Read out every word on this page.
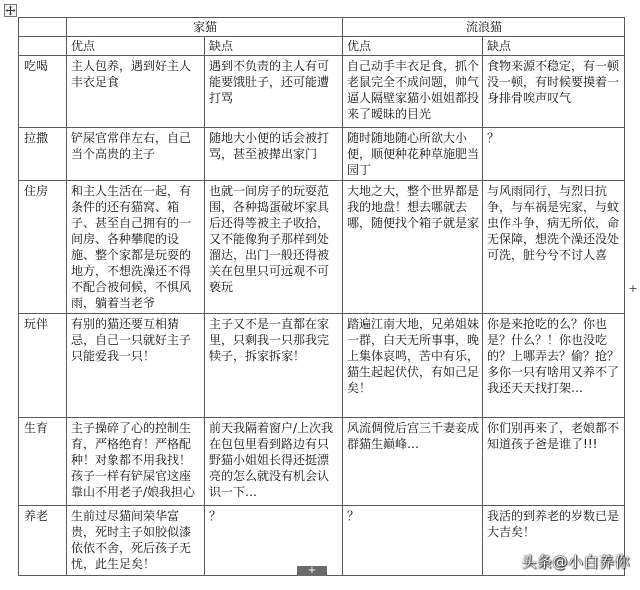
	家猫		流浪猫	
	优点	缺点	优点	缺点
吃喝	主人包养，遇到好主人丰衣足食	遇到不负责的主人有可能要饿肚子，还可能遭打骂	自己动手丰衣足食，抓个老鼠完全不成问题，帅气逼人隔壁家猫小姐姐都投来了暧昧的目光	食物来源不稳定，有一顿没一顿，有时候要摸着一身排骨唉声叹气
拉撒	铲屎官常伴左右，自己当个高贵的主子	随地大小便的话会被打骂，甚至被撵出家门	随时随地随心所欲大小便，顺便种花种草施肥当园丁	？
住房	和主人生活在一起，有条件的还有猫窝、箱子、甚至自己拥有的一间房、各种攀爬的设施、整个家都是玩耍的地方，不想洗澡还不得不配合被伺候，不惧风雨，躺着当老爷	也就一间房子的玩耍范围，各种捣蛋破坏家具后还得等被主子收拾，又不能像狗子那样到处溜达，出门一般还得被关在包里只可远观不可亵玩	大地之大，整个世界都是我的地盘！想去哪就去哪，随便找个箱子就是家	与风雨同行，与烈日抗争，与车祸是宪家，与蚊虫作斗争，病无所依，命无保障，想洗个澡还没处可洗，脏兮兮不讨人喜
玩伴	有别的猫还要互相猜忌，自己一只就好主子只能爱我一只！	主子又不是一直都在家里，只剩我一只那我完犊子，拆家拆家！	踏遍江南大地，兄弟姐妹一群，白天无所事事，晚上集体哀鸣，苦中有乐，猫生起起伏伏，有如己足矣！	你是来抢吃的么？你也是？什么？！你也没吃的？上哪弄去？偷？抢？多你一只有啥用又养不了我还天天找打架…
生育	主子操碎了心的控制生育，严格绝育！严格配种！对象都不用我找！孩子一样有铲屎官这座靠山不用老子/娘我担心	前天我隔着窗户/上次我在包包里看到路边有只野猫小姐姐长得还挺漂亮的怎么就没有机会认识一下…	风流倜傥后宫三千妻妾成群猫生巅峰…	你们别再来了，老娘都不知道孩子爸是谁了!!!
养老	生前过尽猫间荣华富贵，死时主子如胶似漆依依不舍，死后孩子无忧，此生足矣！	？	？	我活的到养老的岁数已是大吉矣！
+
+
头条@小白养你
